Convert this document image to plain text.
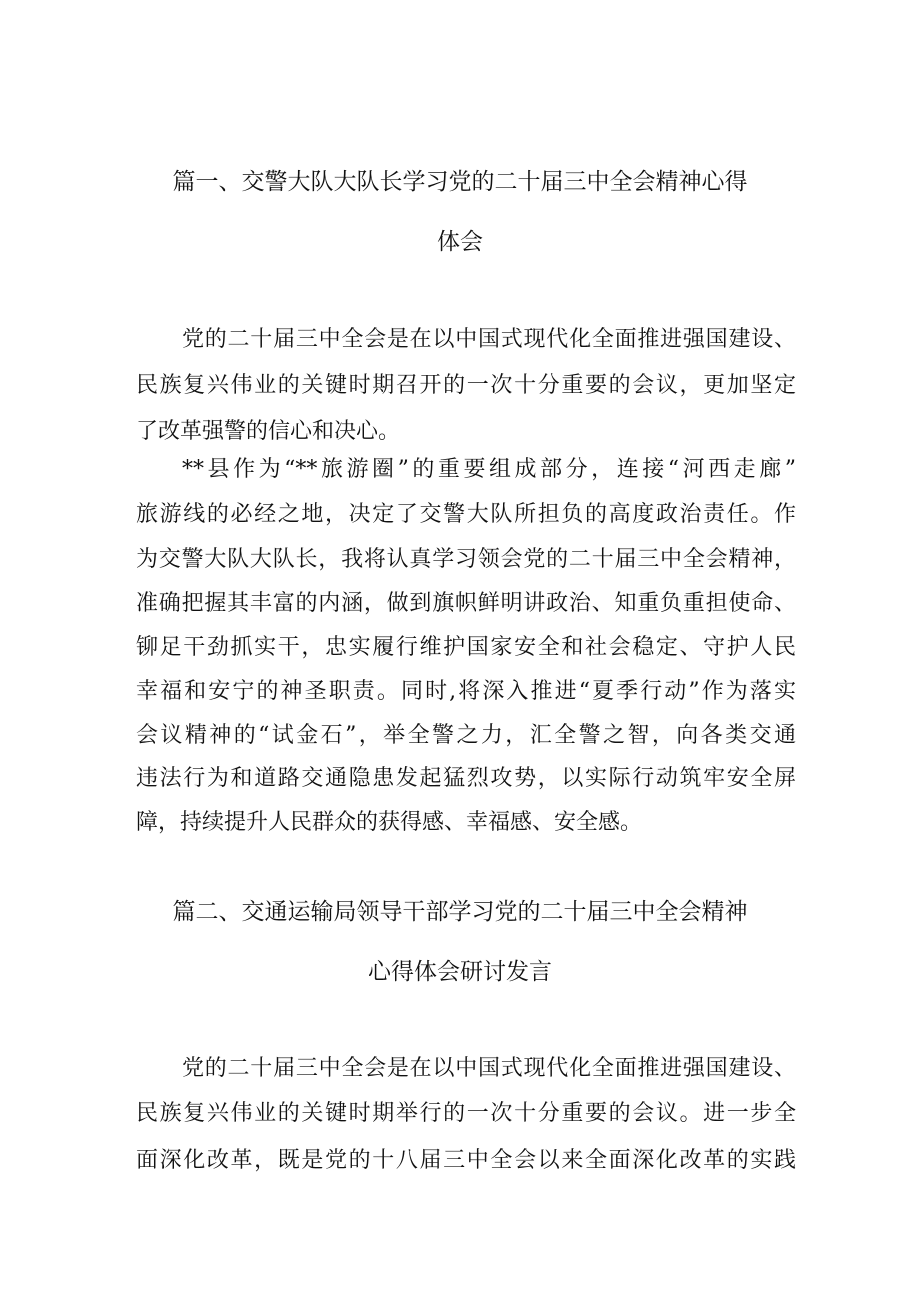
篇一、交警大队大队长学习党的二十届三中全会精神心得
体会
党的二十届三中全会是在以中国式现代化全面推进强国建设、
民族复兴伟业的关键时期召开的一次十分重要的会议，更加坚定
了改革强警的信心和决心。
**县作为“**旅游圈”的重要组成部分，连接“河西走廊”
旅游线的必经之地，决定了交警大队所担负的高度政治责任。作
为交警大队大队长，我将认真学习领会党的二十届三中全会精神，
准确把握其丰富的内涵，做到旗帜鲜明讲政治、知重负重担使命、
铆足干劲抓实干，忠实履行维护国家安全和社会稳定、守护人民
幸福和安宁的神圣职责。同时,将深入推进“夏季行动”作为落实
会议精神的“试金石”，举全警之力，汇全警之智，向各类交通
违法行为和道路交通隐患发起猛烈攻势，以实际行动筑牢安全屏
障，持续提升人民群众的获得感、幸福感、安全感。
篇二、交通运输局领导干部学习党的二十届三中全会精神
心得体会研讨发言
党的二十届三中全会是在以中国式现代化全面推进强国建设、
民族复兴伟业的关键时期举行的一次十分重要的会议。进一步全
面深化改革，既是党的十八届三中全会以来全面深化改革的实践
